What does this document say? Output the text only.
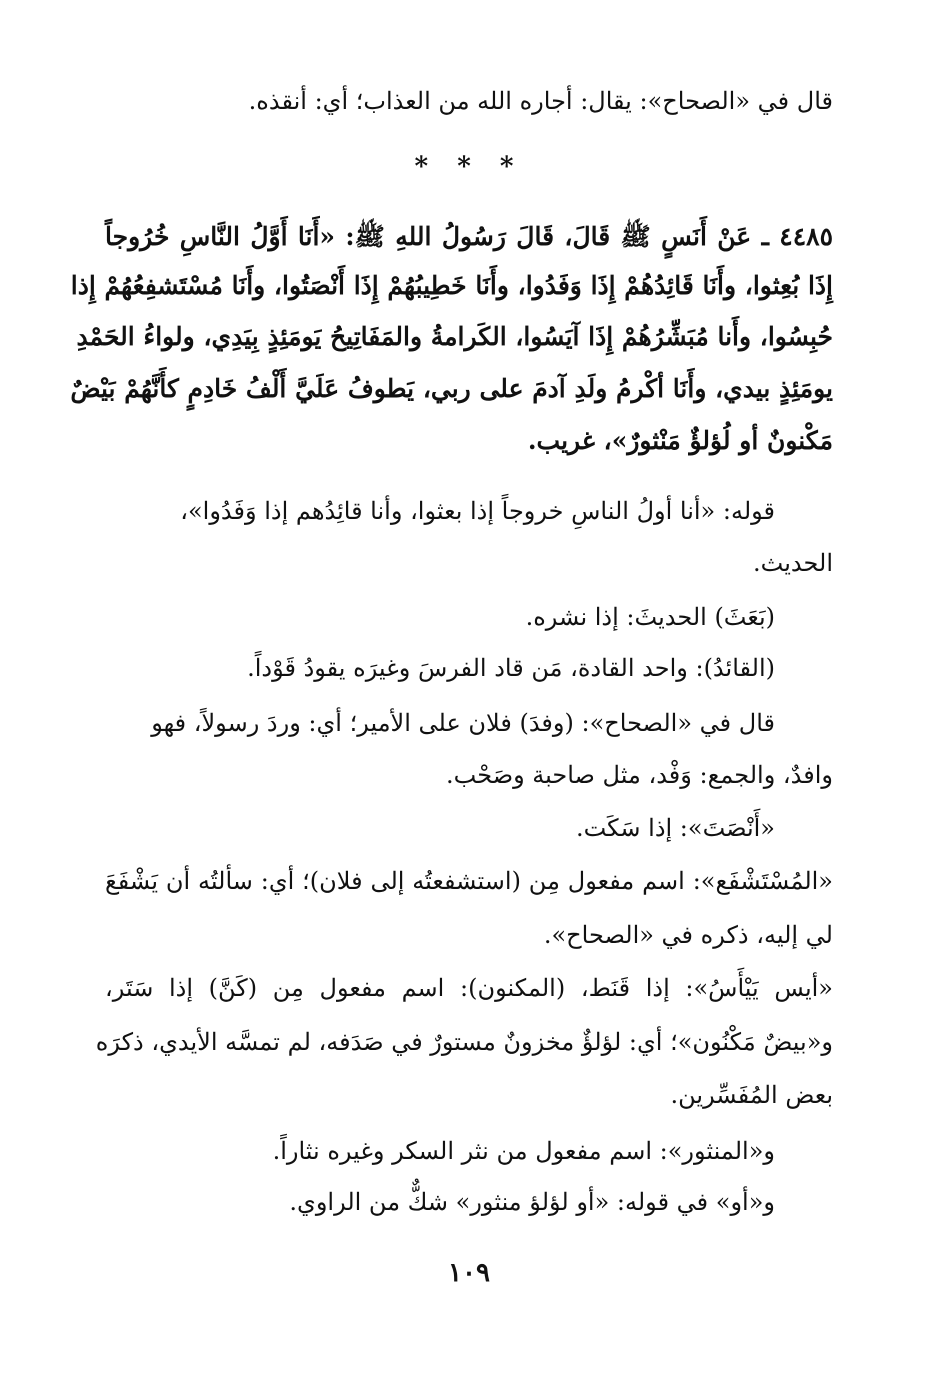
قال في «الصحاح»: يقال: أجاره الله من العذاب؛ أي: أنقذه.
* * *
٤٤٨٥ ـ عَنْ أَنَسٍ ﷺ قَالَ، قَالَ رَسُولُ اللهِ ﷺ: «أَنَا أَوَّلُ النَّاسِ خُرُوجاً
إِذَا بُعِثوا، وأَنَا قَائِدُهُمْ إِذَا وَفَدُوا، وأَنَا خَطِيبُهُمْ إِذَا أَنْصَتُوا، وأَنَا مُسْتَشفِعُهُمْ إِذا
حُبِسُوا، وأَنا مُبَشِّرُهُمْ إِذَا آيَسُوا، الكَرامةُ والمَفَاتِيحُ يَومَئِذٍ بِيَدِي، ولواءُ الحَمْدِ
يومَئِذٍ بيدي، وأَنَا أكْرمُ ولَدِ آدمَ على ربي، يَطوفُ عَلَيَّ أَلْفُ خَادِمٍ كأَنَّهُمْ بَيْضٌ
مَكْنونٌ أو لُؤلؤٌ مَنْثورٌ»، غريب.
قوله: «أنا أولُ الناسِ خروجاً إذا بعثوا، وأنا قائِدُهم إذا وَفَدُوا»،
الحديث.
(بَعَثَ) الحديثَ: إذا نشره.
(القائدُ): واحد القادة، مَن قاد الفرسَ وغيرَه يقودُ قَوْداً.
قال في «الصحاح»: (وفدَ) فلان على الأمير؛ أي: وردَ رسولاً، فهو
وافدٌ، والجمع: وَفْد، مثل صاحبة وصَحْب.
«أَنْصَتَ»: إذا سَكَت.
«المُسْتَشْفَع»: اسم مفعول مِن (استشفعتُه إلى فلان)؛ أي: سألتُه أن يَشْفَعَ
لي إليه، ذكره في «الصحاح».
«أيس يَيْأَسُ»: إذا قَنَط، (المكنون): اسم مفعول مِن (كَنَّ) إذا سَتَر،
و«بيضٌ مَكْنُون»؛ أي: لؤلؤٌ مخزونٌ مستورٌ في صَدَفه، لم تمسَّه الأيدي، ذكرَه
بعض المُفَسِّرين.
و«المنثور»: اسم مفعول من نثر السكر وغيره نثاراً.
و«أو» في قوله: «أو لؤلؤ منثور» شكٌّ من الراوي.
١٠٩
